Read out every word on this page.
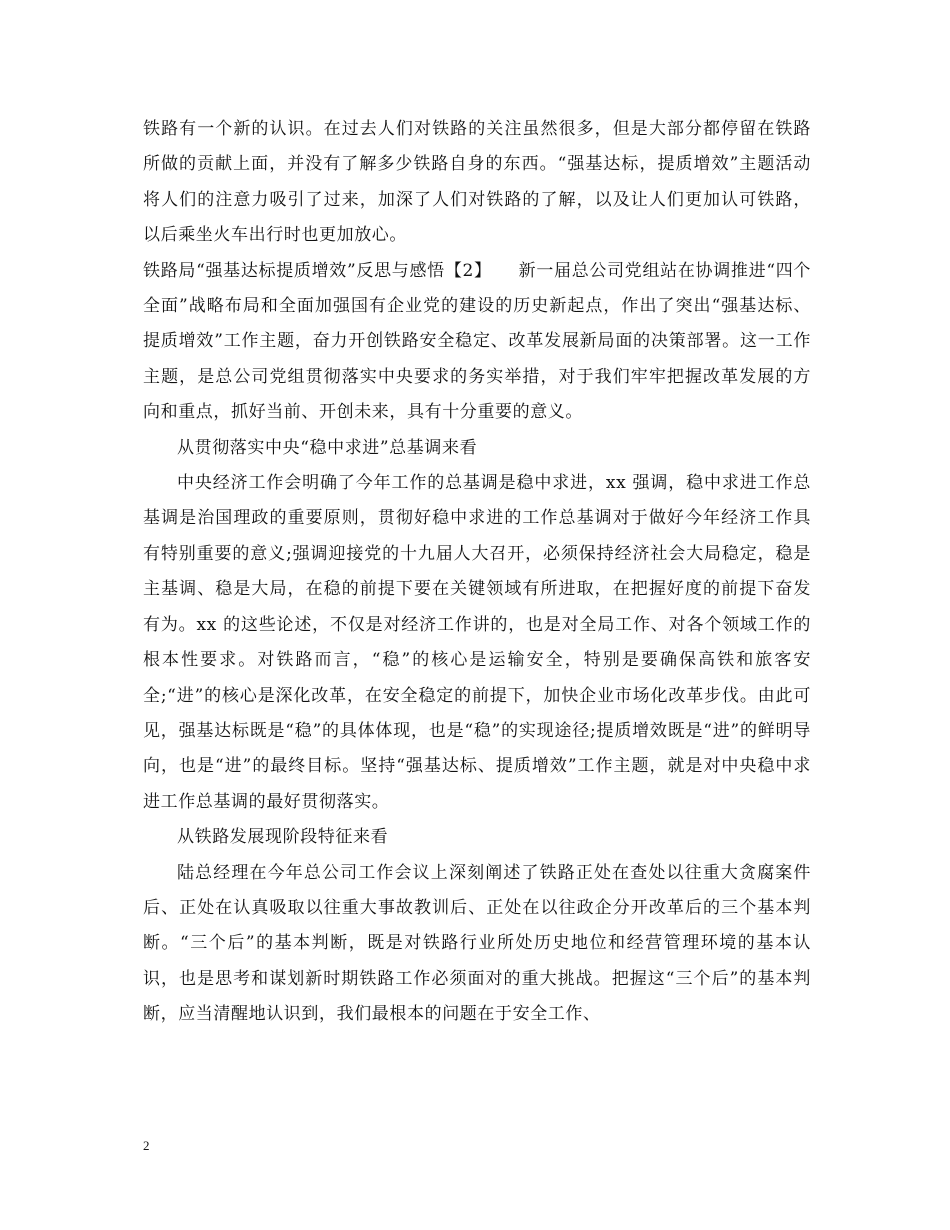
铁路有一个新的认识。在过去人们对铁路的关注虽然很多，但是大部分都停留在铁路所做的贡献上面，并没有了解多少铁路自身的东西。“强基达标，提质增效”主题活动将人们的注意力吸引了过来，加深了人们对铁路的了解，以及让人们更加认可铁路，以后乘坐火车出行时也更加放心。

铁路局“强基达标提质增效”反思与感悟【2】　　新一届总公司党组站在协调推进“四个全面”战略布局和全面加强国有企业党的建设的历史新起点，作出了突出“强基达标、提质增效”工作主题，奋力开创铁路安全稳定、改革发展新局面的决策部署。这一工作主题，是总公司党组贯彻落实中央要求的务实举措，对于我们牢牢把握改革发展的方向和重点，抓好当前、开创未来，具有十分重要的意义。

从贯彻落实中央“稳中求进”总基调来看

中央经济工作会明确了今年工作的总基调是稳中求进，xx 强调，稳中求进工作总基调是治国理政的重要原则，贯彻好稳中求进的工作总基调对于做好今年经济工作具有特别重要的意义;强调迎接党的十九届人大召开，必须保持经济社会大局稳定，稳是主基调、稳是大局，在稳的前提下要在关键领域有所进取，在把握好度的前提下奋发有为。xx 的这些论述，不仅是对经济工作讲的，也是对全局工作、对各个领域工作的根本性要求。对铁路而言，“稳”的核心是运输安全，特别是要确保高铁和旅客安全;“进”的核心是深化改革，在安全稳定的前提下，加快企业市场化改革步伐。由此可见，强基达标既是“稳”的具体体现，也是“稳”的实现途径;提质增效既是“进”的鲜明导向，也是“进”的最终目标。坚持“强基达标、提质增效”工作主题，就是对中央稳中求进工作总基调的最好贯彻落实。

从铁路发展现阶段特征来看

陆总经理在今年总公司工作会议上深刻阐述了铁路正处在查处以往重大贪腐案件后、正处在认真吸取以往重大事故教训后、正处在以往政企分开改革后的三个基本判断。“三个后”的基本判断，既是对铁路行业所处历史地位和经营管理环境的基本认识，也是思考和谋划新时期铁路工作必须面对的重大挑战。把握这“三个后”的基本判断，应当清醒地认识到，我们最根本的问题在于安全工作、

2
